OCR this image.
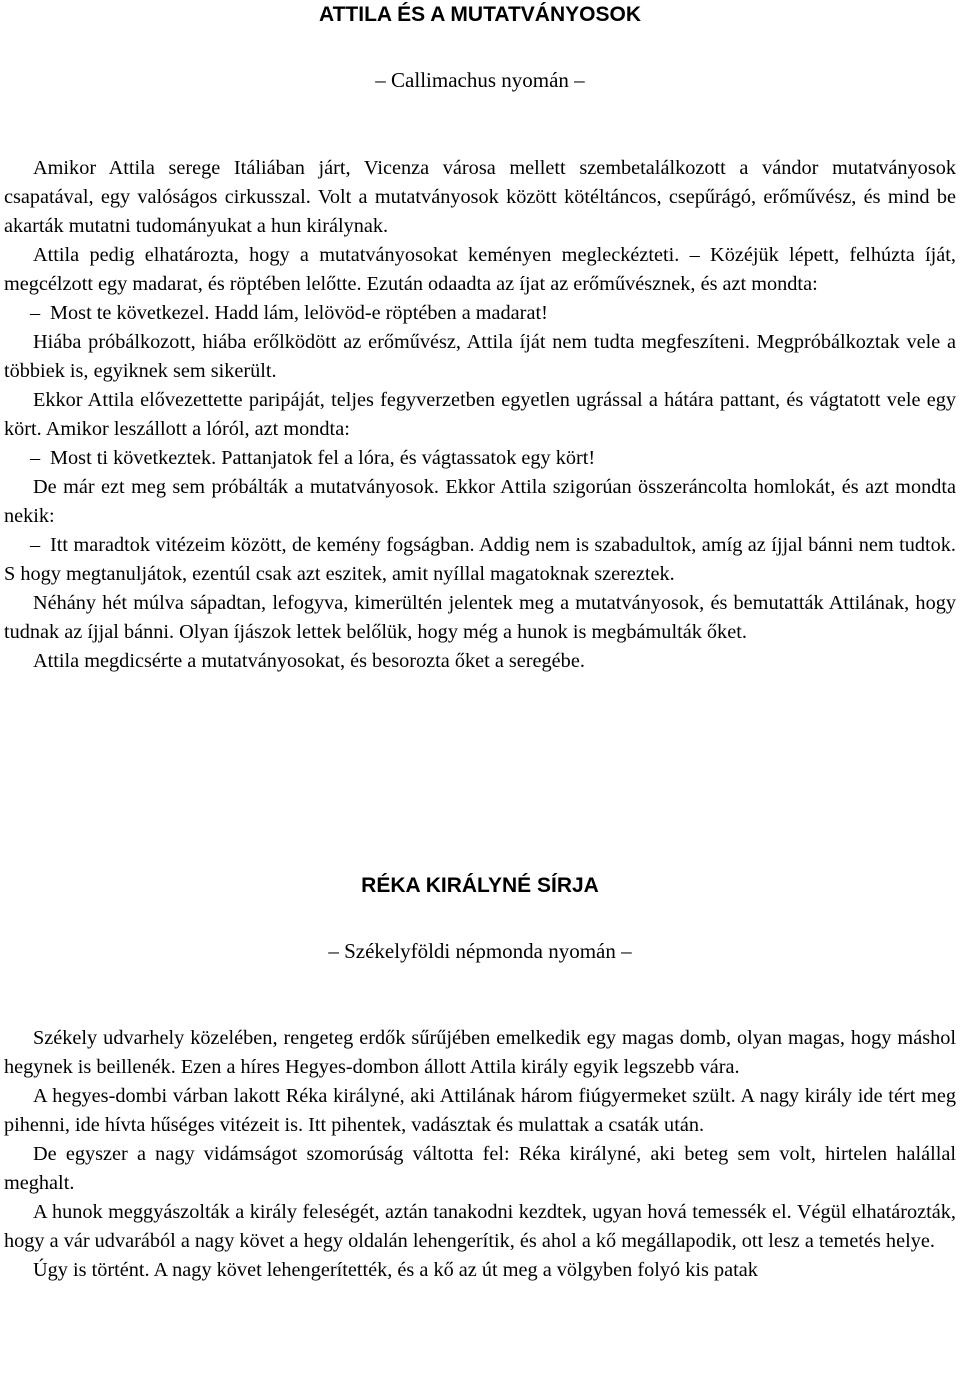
ATTILA ÉS A MUTATVÁNYOSOK

– Callimachus nyomán –

Amikor Attila serege Itáliában járt, Vicenza városa mellett szembetalálkozott a vándor mutatványosok csapatával, egy valóságos cirkusszal. Volt a mutatványosok között kötéltáncos, csepűrágó, erőművész, és mind be akarták mutatni tudományukat a hun királynak.

Attila pedig elhatározta, hogy a mutatványosokat keményen megleckézteti. – Közéjük lépett, felhúzta íját, megcélzott egy madarat, és röptében lelőtte. Ezután odaadta az íjat az erőművésznek, és azt mondta:

– Most te következel. Hadd lám, lelövöd-e röptében a madarat!

Hiába próbálkozott, hiába erőlködött az erőművész, Attila íját nem tudta megfeszíteni. Megpróbálkoztak vele a többiek is, egyiknek sem sikerült.

Ekkor Attila elővezettette paripáját, teljes fegyverzetben egyetlen ugrással a hátára pattant, és vágtatott vele egy kört. Amikor leszállott a lóról, azt mondta:

– Most ti következtek. Pattanjatok fel a lóra, és vágtassatok egy kört!

De már ezt meg sem próbálták a mutatványosok. Ekkor Attila szigorúan összeráncolta homlokát, és azt mondta nekik:

– Itt maradtok vitézeim között, de kemény fogságban. Addig nem is szabadultok, amíg az íjjal bánni nem tudtok. S hogy megtanuljátok, ezentúl csak azt eszitek, amit nyíllal magatoknak szereztek.

Néhány hét múlva sápadtan, lefogyva, kimerültén jelentek meg a mutatványosok, és bemutatták Attilának, hogy tudnak az íjjal bánni. Olyan íjászok lettek belőlük, hogy még a hunok is megbámulták őket.

Attila megdicsérte a mutatványosokat, és besorozta őket a seregébe.

RÉKA KIRÁLYNÉ SÍRJA

– Székelyföldi népmonda nyomán –

Székely udvarhely közelében, rengeteg erdők sűrűjében emelkedik egy magas domb, olyan magas, hogy máshol hegynek is beillenék. Ezen a híres Hegyes-dombon állott Attila király egyik legszebb vára.

A hegyes-dombi várban lakott Réka királyné, aki Attilának három fiúgyermeket szült. A nagy király ide tért meg pihenni, ide hívta hűséges vitézeit is. Itt pihentek, vadásztak és mulattak a csaták után.

De egyszer a nagy vidámságot szomorúság váltotta fel: Réka királyné, aki beteg sem volt, hirtelen halállal meghalt.

A hunok meggyászolták a király feleségét, aztán tanakodni kezdtek, ugyan hová temessék el. Végül elhatározták, hogy a vár udvarából a nagy követ a hegy oldalán lehengerítik, és ahol a kő megállapodik, ott lesz a temetés helye.

Úgy is történt. A nagy követ lehengerítették, és a kő az út meg a völgyben folyó kis patak
